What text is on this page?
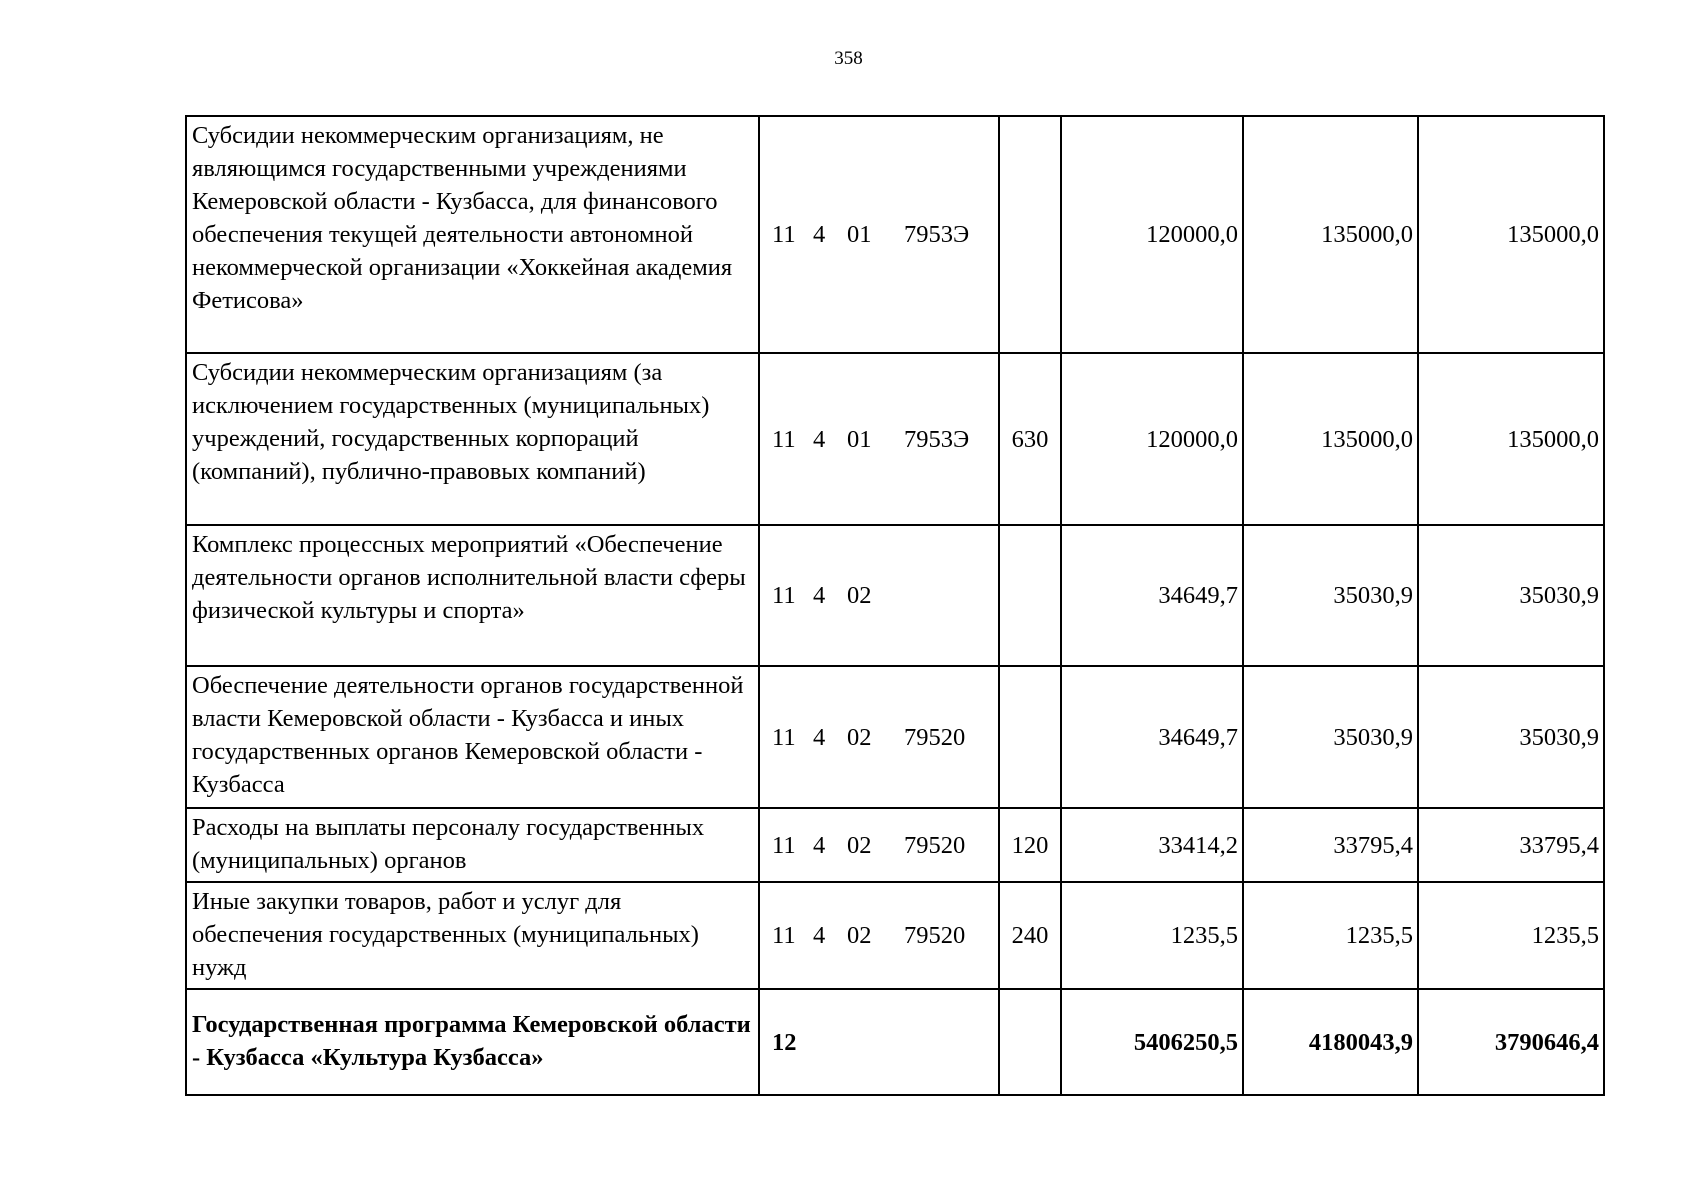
358
Субсидии некоммерческим организациям, не являющимся государственными учреждениями Кемеровской области - Кузбасса, для финансового обеспечения текущей деятельности автономной некоммерческой организации «Хоккейная академия Фетисова»	11 4 01 7953Э		120000,0	135000,0	135000,0
Субсидии некоммерческим организациям (за исключением государственных (муниципальных) учреждений, государственных корпораций (компаний), публично-правовых компаний)	11 4 01 7953Э	630	120000,0	135000,0	135000,0
Комплекс процессных мероприятий «Обеспечение деятельности органов исполнительной власти сферы физической культуры и спорта»	11 4 02		34649,7	35030,9	35030,9
Обеспечение деятельности органов государственной власти Кемеровской области - Кузбасса и иных государственных органов Кемеровской области - Кузбасса	11 4 02 79520		34649,7	35030,9	35030,9
Расходы на выплаты персоналу государственных (муниципальных) органов	11 4 02 79520	120	33414,2	33795,4	33795,4
Иные закупки товаров, работ и услуг для обеспечения государственных (муниципальных) нужд	11 4 02 79520	240	1235,5	1235,5	1235,5
Государственная программа Кемеровской области - Кузбасса «Культура Кузбасса»	12		5406250,5	4180043,9	3790646,4
